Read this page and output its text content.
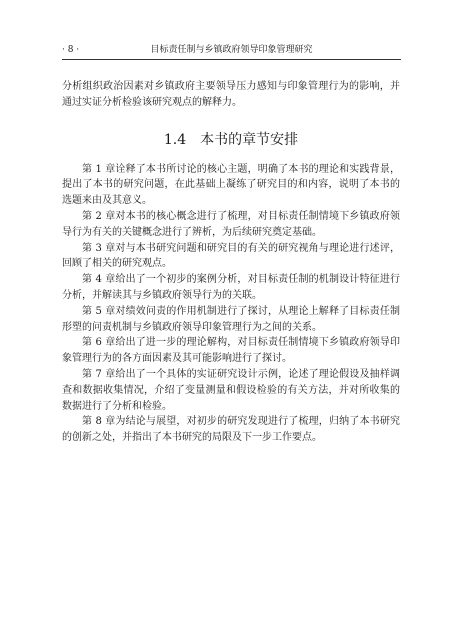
· 8 ·	目标责任制与乡镇政府领导印象管理研究

分析组织政治因素对乡镇政府主要领导压力感知与印象管理行为的影响，并通过实证分析检验该研究观点的解释力。

1.4 本书的章节安排

第 1 章诠释了本书所讨论的核心主题，明确了本书的理论和实践背景，提出了本书的研究问题，在此基础上凝练了研究目的和内容，说明了本书的选题来由及其意义。

第 2 章对本书的核心概念进行了梳理，对目标责任制情境下乡镇政府领导行为有关的关键概念进行了辨析，为后续研究奠定基础。

第 3 章对与本书研究问题和研究目的有关的研究视角与理论进行述评，回顾了相关的研究观点。

第 4 章给出了一个初步的案例分析，对目标责任制的机制设计特征进行分析，并解读其与乡镇政府领导行为的关联。

第 5 章对绩效问责的作用机制进行了探讨，从理论上解释了目标责任制形塑的问责机制与乡镇政府领导印象管理行为之间的关系。

第 6 章给出了进一步的理论解构，对目标责任制情境下乡镇政府领导印象管理行为的各方面因素及其可能影响进行了探讨。

第 7 章给出了一个具体的实证研究设计示例，论述了理论假设及抽样调查和数据收集情况，介绍了变量测量和假设检验的有关方法，并对所收集的数据进行了分析和检验。

第 8 章为结论与展望，对初步的研究发现进行了梳理，归纳了本书研究的创新之处，并指出了本书研究的局限及下一步工作要点。
